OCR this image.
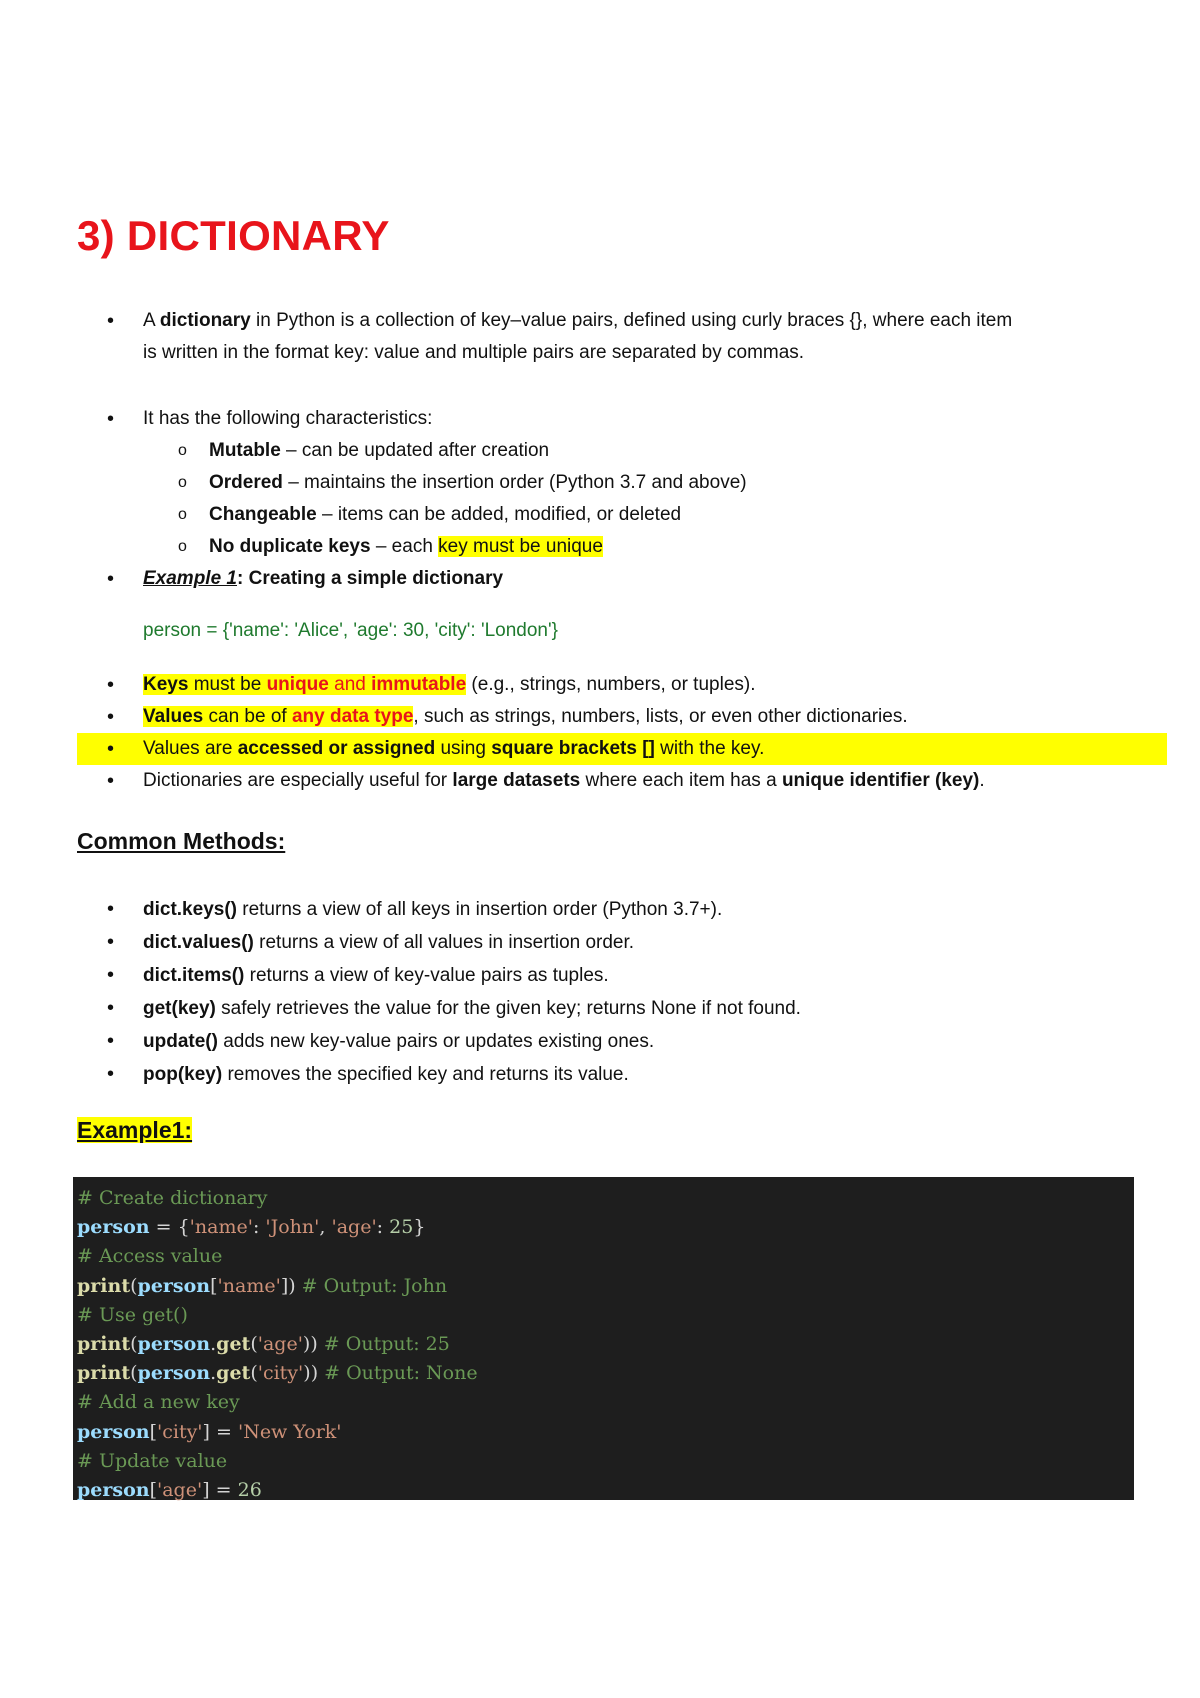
3) DICTIONARY
• A dictionary in Python is a collection of key–value pairs, defined using curly braces {}, where each item
is written in the format key: value and multiple pairs are separated by commas.
• It has the following characteristics:
o Mutable – can be updated after creation
o Ordered – maintains the insertion order (Python 3.7 and above)
o Changeable – items can be added, modified, or deleted
o No duplicate keys – each key must be unique
• Example 1: Creating a simple dictionary
person = {'name': 'Alice', 'age': 30, 'city': 'London'}
• Keys must be unique and immutable (e.g., strings, numbers, or tuples).
• Values can be of any data type, such as strings, numbers, lists, or even other dictionaries.
• Values are accessed or assigned using square brackets [] with the key.
• Dictionaries are especially useful for large datasets where each item has a unique identifier (key).
Common Methods:
• dict.keys() returns a view of all keys in insertion order (Python 3.7+).
• dict.values() returns a view of all values in insertion order.
• dict.items() returns a view of key-value pairs as tuples.
• get(key) safely retrieves the value for the given key; returns None if not found.
• update() adds new key-value pairs or updates existing ones.
• pop(key) removes the specified key and returns its value.
Example1:
# Create dictionary
person = {'name': 'John', 'age': 25}
# Access value
print(person['name']) # Output: John
# Use get()
print(person.get('age')) # Output: 25
print(person.get('city')) # Output: None
# Add a new key
person['city'] = 'New York'
# Update value
person['age'] = 26
